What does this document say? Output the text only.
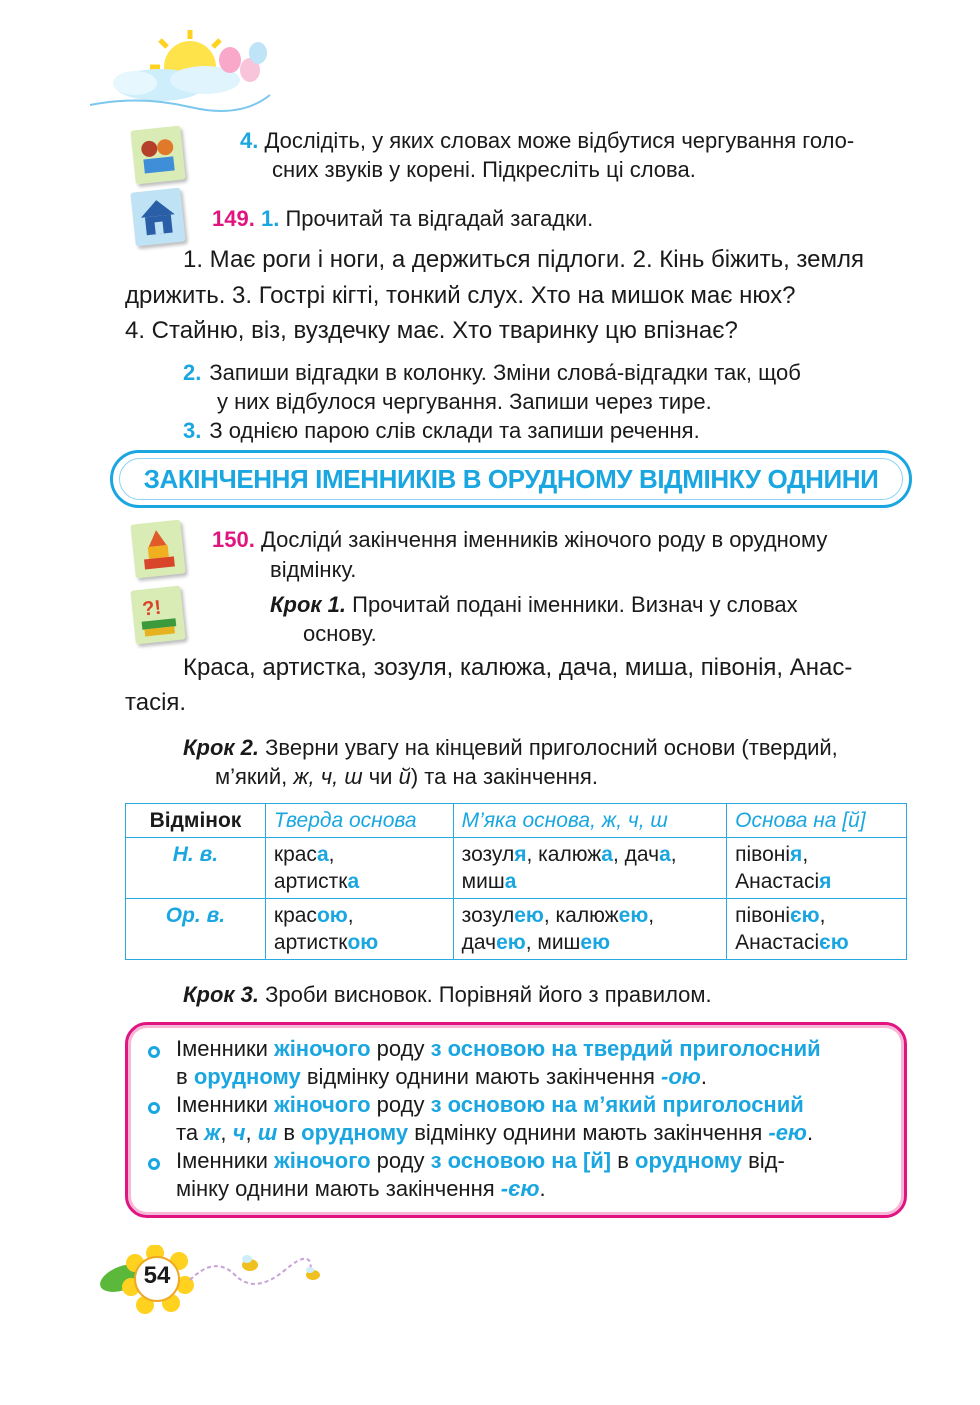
?!
4. Дослідіть, у яких словах може відбутися чергування голо-
сних звуків у корені. Підкресліть ці слова.
149. 1. Прочитай та відгадай загадки.
1. Має роги і ноги, а держиться підлоги. 2. Кінь біжить, земля
дрижить. 3. Гострі кігті, тонкий слух. Хто на мишок має нюх?
4. Стайню, віз, вуздечку має. Хто тваринку цю впізнає?
2. Запиши відгадки в колонку. Зміни слова́-відгадки так, щоб
у них відбулося чергування. Запиши через тире.
3. З однією парою слів склади та запиши речення.
ЗАКІНЧЕННЯ ІМЕННИКІВ В ОРУДНОМУ ВІДМІНКУ ОДНИНИ
150. Досліди́ закінчення іменників жіночого роду в орудному
відмінку.
Крок 1. Прочитай подані іменники. Визнач у словах
основу.
Краса, артистка, зозуля, калюжа, дача, миша, півонія, Анас-
тасія.
Крок 2. Зверни увагу на кінцевий приголосний основи (твердий,
м’який, ж, ч, ш чи й) та на закінчення.
Відмінок	Тверда основа	М’яка основа, ж, ч, ш	Основа на [й]
Н. в.	краса,
артистка	зозуля, калюжа, дача,
миша	півонія,
Анастасія
Ор. в.	красою,
артисткою	зозулею, калюжею,
дачею, мишею	півонією,
Анастасією
Крок 3. Зроби висновок. Порівняй його з правилом.
Іменники жіночого роду з основою на твердий приголосний
в орудному відмінку однини мають закінчення -ою.
Іменники жіночого роду з основою на м’який приголосний
та ж, ч, ш в орудному відмінку однини мають закінчення -ею.
Іменники жіночого роду з основою на [й] в орудному від-
мінку однини мають закінчення -єю.
54
